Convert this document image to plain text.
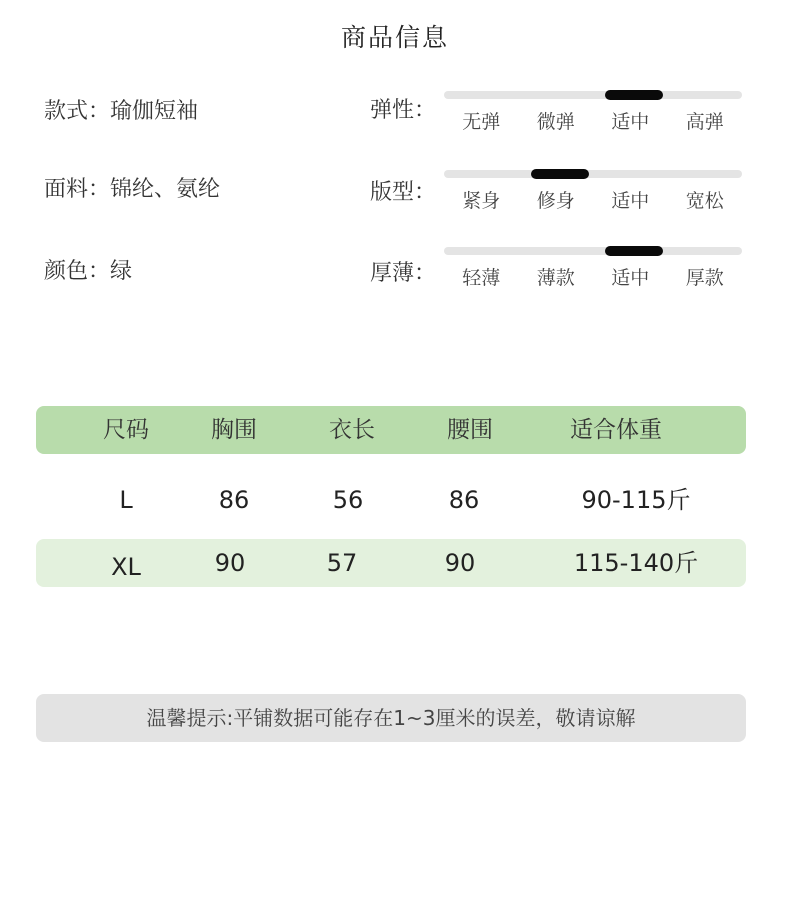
商品信息
款式：瑜伽短袖
面料：锦纶、氨纶
颜色：绿
弹性：	无弹	微弹	适中	高弹
版型：	紧身	修身	适中	宽松
厚薄：	轻薄	薄款	适中	厚款
尺码	胸围	衣长	腰围	适合体重
L	86	56	86	90-115斤
XL	90	57	90	115-140斤
温馨提示:平铺数据可能存在1~3厘米的误差，敬请谅解
